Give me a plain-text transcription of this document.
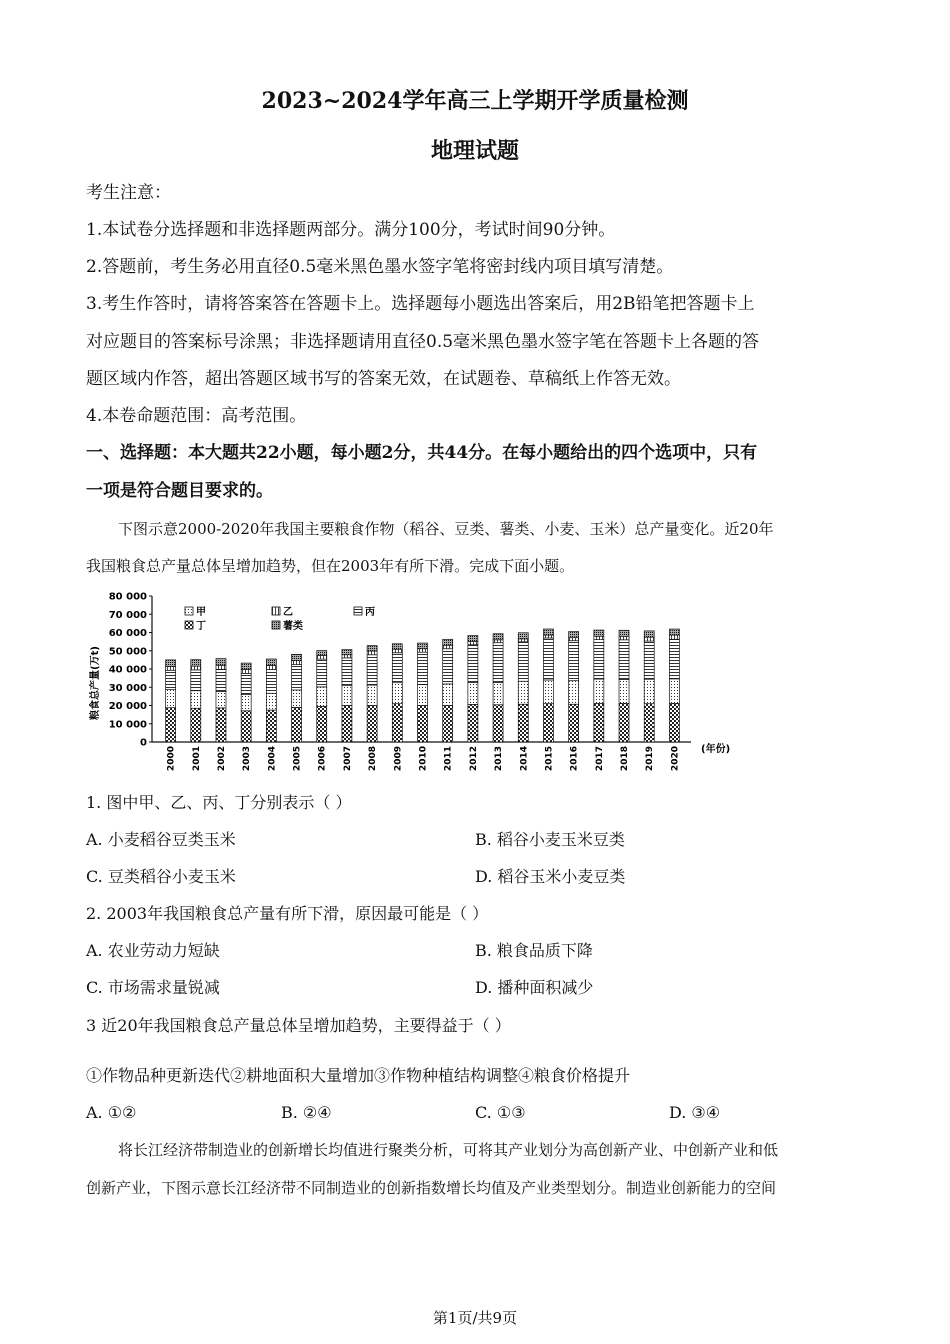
2023~2024学年高三上学期开学质量检测
地理试题
考生注意：
1.本试卷分选择题和非选择题两部分。满分100分，考试时间90分钟。
2.答题前，考生务必用直径0.5毫米黑色墨水签字笔将密封线内项目填写清楚。
3.考生作答时，请将答案答在答题卡上。选择题每小题选出答案后，用2B铅笔把答题卡上
对应题目的答案标号涂黑；非选择题请用直径0.5毫米黑色墨水签字笔在答题卡上各题的答
题区域内作答，超出答题区域书写的答案无效，在试题卷、草稿纸上作答无效。
4.本卷命题范围：高考范围。
一、选择题：本大题共22小题，每小题2分，共44分。在每小题给出的四个选项中，只有
一项是符合题目要求的。
下图示意2000-2020年我国主要粮食作物（稻谷、豆类、薯类、小麦、玉米）总产量变化。近20年
我国粮食总产量总体呈增加趋势，但在2003年有所下滑。完成下面小题。
粮食总产量(万t)
0
10 000
20 000
30 000
40 000
50 000
60 000
70 000
80 000
2000 2001 2002 2003 2004 2005 2006 2007 2008 2009 2010 2011 2012 2013 2014 2015 2016 2017 2018 2019 2020
甲	乙	丙
丁	薯类
(年份)
1. 图中甲、乙、丙、丁分别表示（ ）
A. 小麦稻谷豆类玉米	B. 稻谷小麦玉米豆类
C. 豆类稻谷小麦玉米	D. 稻谷玉米小麦豆类
2. 2003年我国粮食总产量有所下滑，原因最可能是（ ）
A. 农业劳动力短缺	B. 粮食品质下降
C. 市场需求量锐减	D. 播种面积减少
3 近20年我国粮食总产量总体呈增加趋势，主要得益于（ ）
①作物品种更新迭代②耕地面积大量增加③作物种植结构调整④粮食价格提升
A. ①②	B. ②④	C. ①③	D. ③④
将长江经济带制造业的创新增长均值进行聚类分析，可将其产业划分为高创新产业、中创新产业和低
创新产业，下图示意长江经济带不同制造业的创新指数增长均值及产业类型划分。制造业创新能力的空间
第1页/共9页
